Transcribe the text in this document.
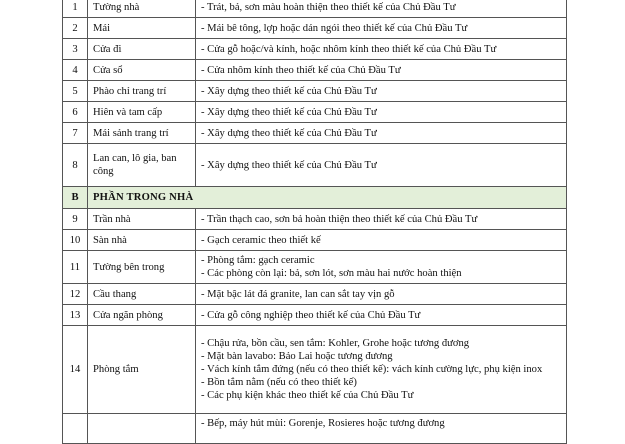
1	Tường nhà	- Trát, bả, sơn màu hoàn thiện theo thiết kế của Chủ Đầu Tư

2	Mái	- Mái bê tông, lợp hoặc dán ngói theo thiết kế của Chủ Đầu Tư

3	Cửa đi	- Cửa gỗ hoặc/và kính, hoặc nhôm kính theo thiết kế của Chủ Đầu Tư

4	Cửa sổ	- Cửa nhôm kính theo thiết kế của Chủ Đầu Tư

5	Phào chỉ trang trí	- Xây dựng theo thiết kế của Chủ Đầu Tư

6	Hiên và tam cấp	- Xây dựng theo thiết kế của Chủ Đầu Tư

7	Mái sảnh trang trí	- Xây dựng theo thiết kế của Chủ Đầu Tư

8	Lan can, lô gia, ban công	- Xây dựng theo thiết kế của Chủ Đầu Tư

B	PHẦN TRONG NHÀ	
9	Trần nhà	- Trần thạch cao, sơn bả hoàn thiện theo thiết kế của Chủ Đầu Tư

10	Sàn nhà	- Gạch ceramic theo thiết kế

11	Tường bên trong	- Phòng tắm: gạch ceramic
- Các phòng còn lại: bả, sơn lót, sơn màu hai nước hoàn thiện

12	Cầu thang	- Mặt bậc lát đá granite, lan can sắt tay vịn gỗ

13	Cửa ngăn phòng	- Cửa gỗ công nghiệp theo thiết kế của Chủ Đầu Tư

14	Phòng tắm	- Chậu rửa, bồn cầu, sen tắm: Kohler, Grohe hoặc tương đương
- Mặt bàn lavabo: Bảo Lai hoặc tương đương
- Vách kính tắm đứng (nếu có theo thiết kế): vách kính cường lực, phụ kiện inox
- Bồn tắm nằm (nếu có theo thiết kế)
- Các phụ kiện khác theo thiết kế của Chủ Đầu Tư

		- Bếp, máy hút mùi: Gorenje, Rosieres hoặc tương đương
